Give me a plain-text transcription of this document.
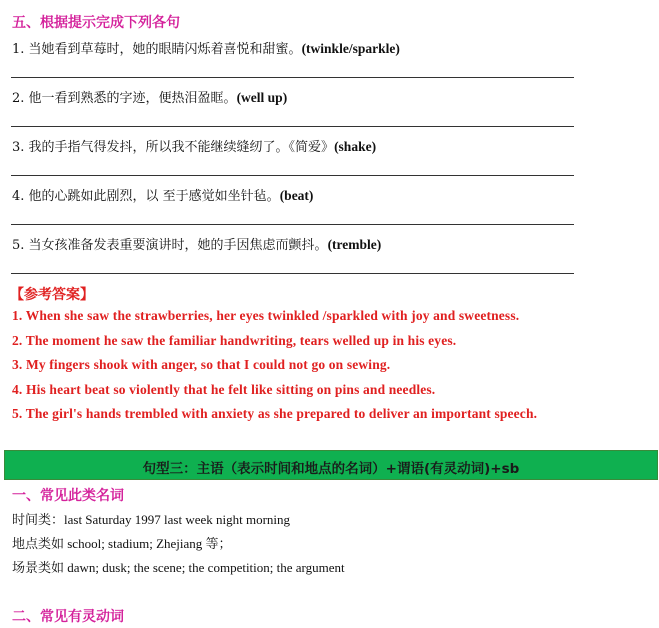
五、根据提示完成下列各句
1. 当她看到草莓时，她的眼睛闪烁着喜悦和甜蜜。(twinkle/sparkle)
2. 他一看到熟悉的字迹，便热泪盈眶。(well up)
3. 我的手指气得发抖，所以我不能继续缝纫了。《简爱》(shake)
4. 他的心跳如此剧烈，以 至于感觉如坐针毡。(beat)
5. 当女孩准备发表重要演讲时，她的手因焦虑而颤抖。(tremble)
【参考答案】
1. When she saw the strawberries, her eyes twinkled /sparkled with joy and sweetness.
2. The moment he saw the familiar handwriting, tears welled up in his eyes.
3. My fingers shook with anger, so that I could not go on sewing.
4. His heart beat so violently that he felt like sitting on pins and needles.
5. The girl's hands trembled with anxiety as she prepared to deliver an important speech.
句型三：主语（表示时间和地点的名词）+谓语(有灵动词)+sb
一、常见此类名词
时间类：last Saturday 1997 last week night morning
地点类如 school; stadium; Zhejiang 等；
场景类如 dawn; dusk; the scene; the competition; the argument
二、常见有灵动词
